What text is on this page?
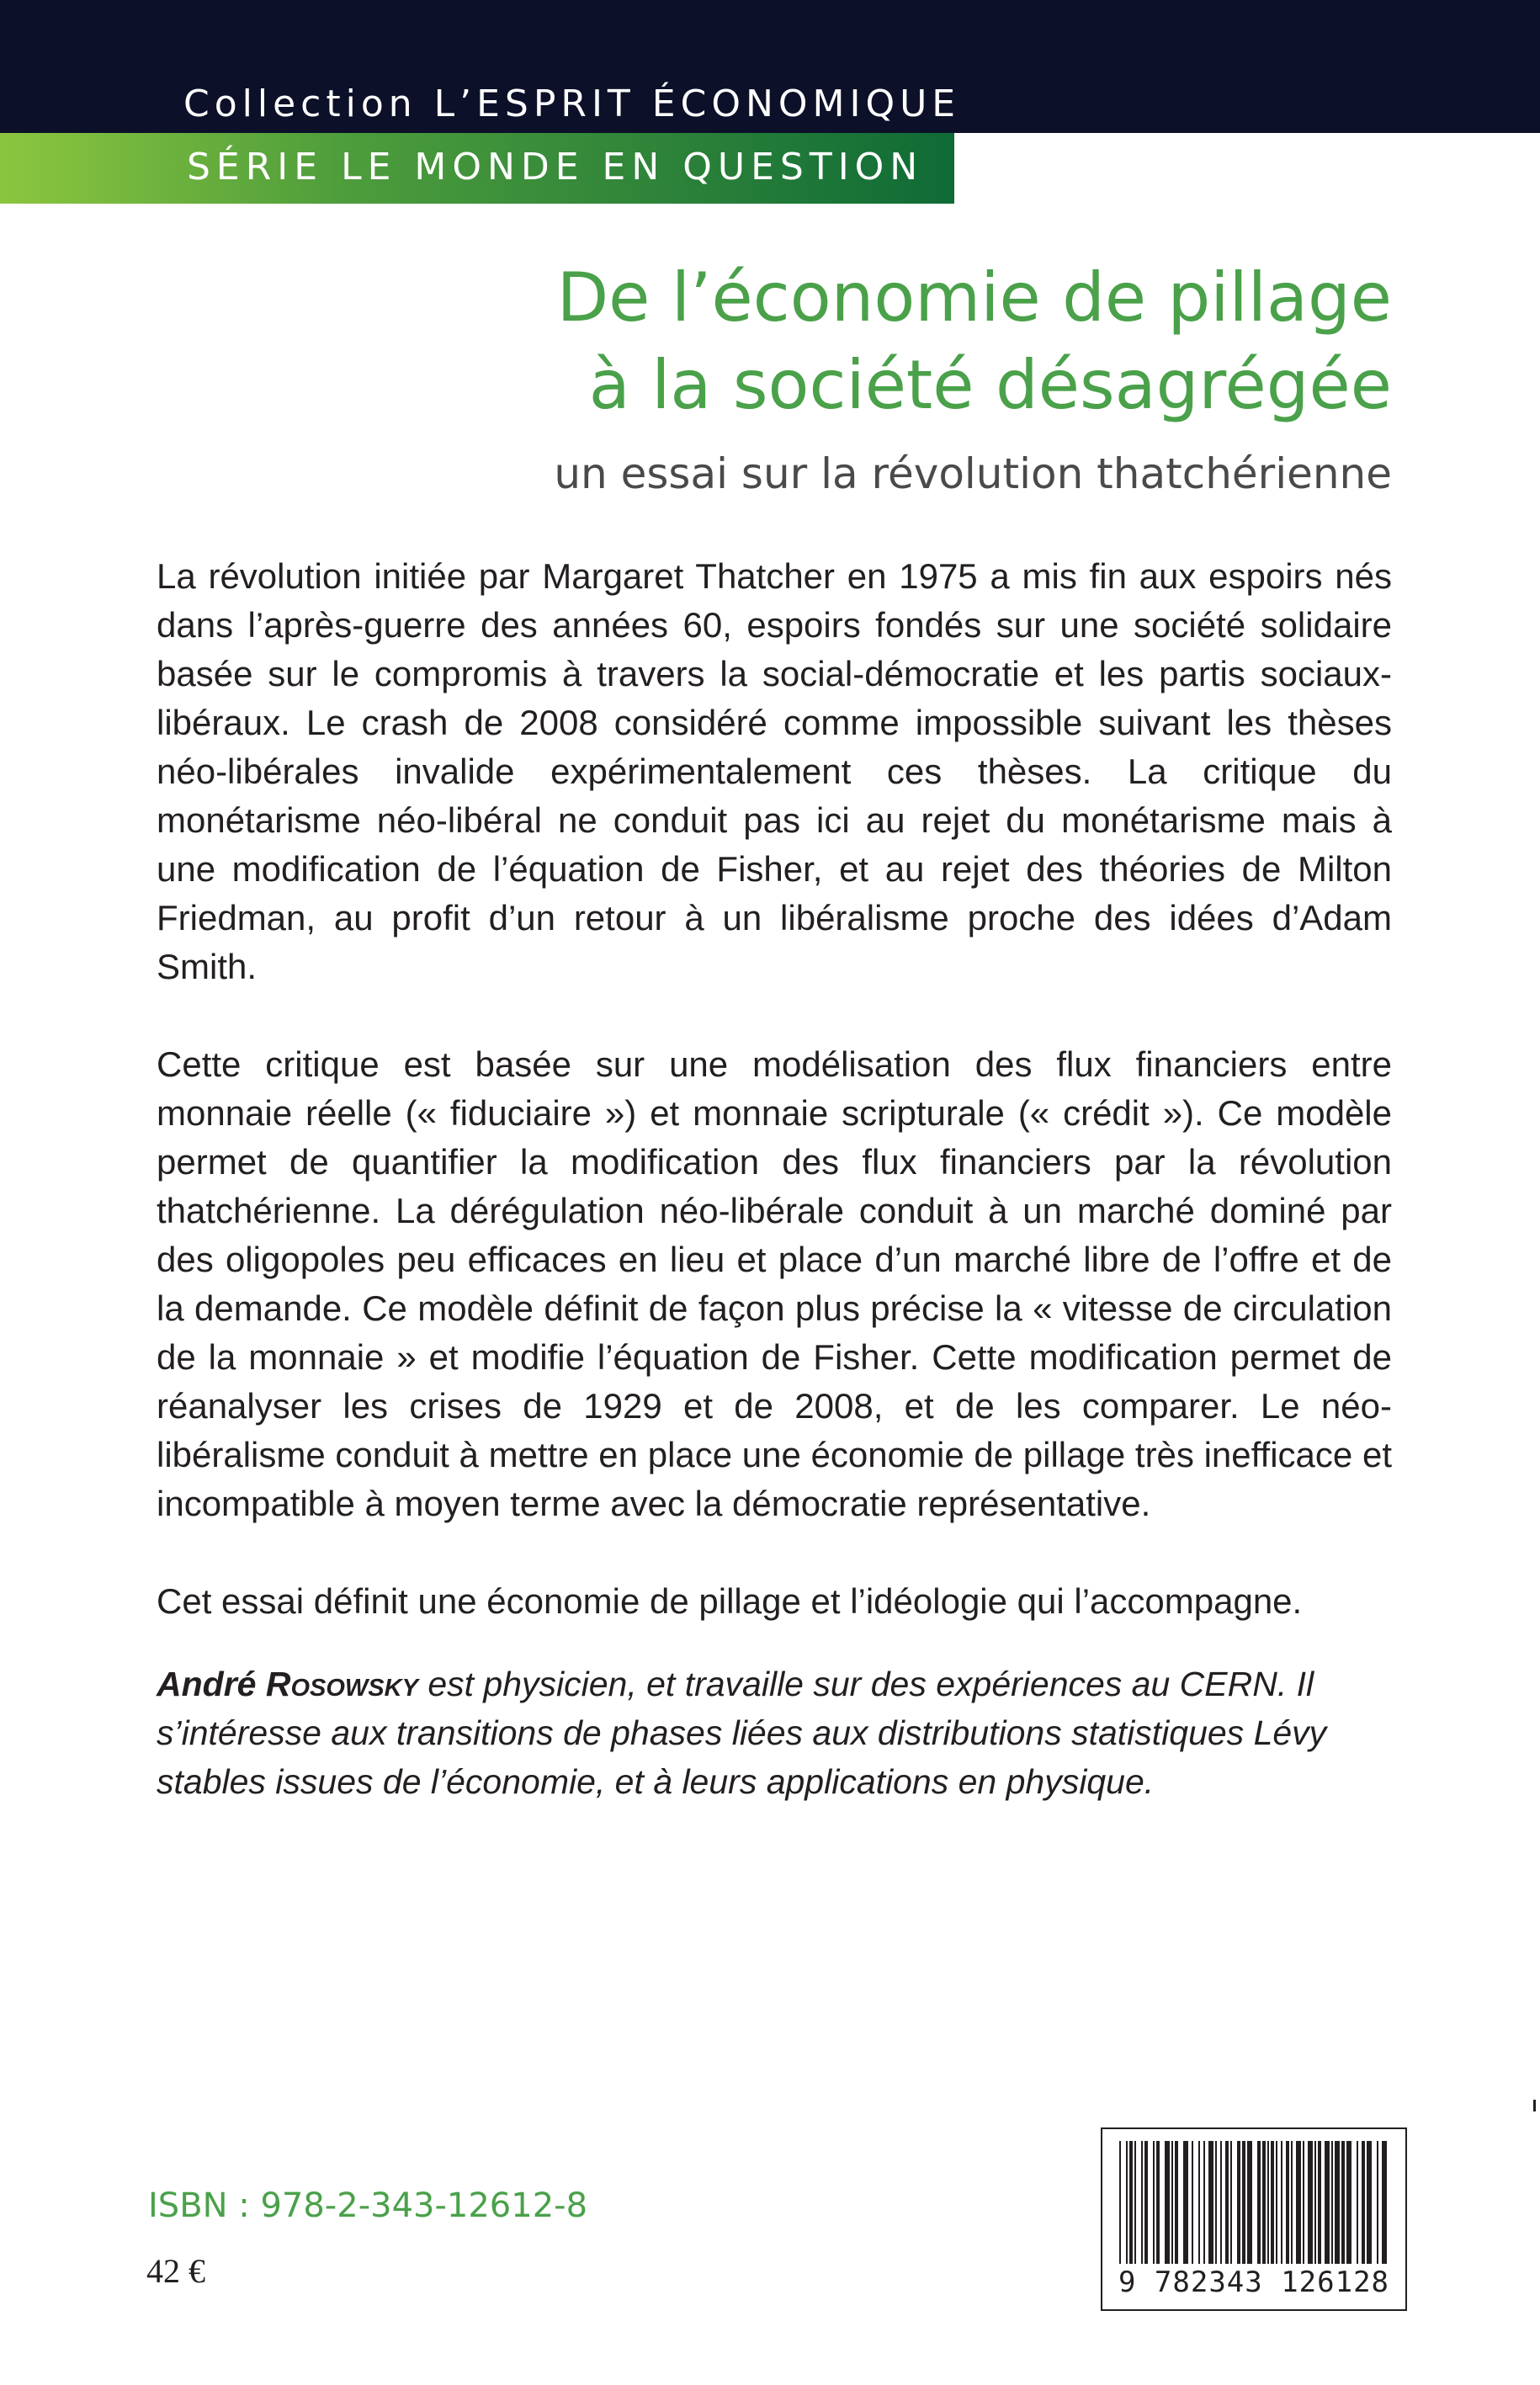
Collection L’ESPRIT ÉCONOMIQUE
SÉRIE LE MONDE EN QUESTION
De l’économie de pillage
à la société désagrégée
un essai sur la révolution thatchérienne

La révolution initiée par Margaret Thatcher en 1975 a mis fin aux espoirs nés dans l’après-guerre des années 60, espoirs fondés sur une société solidaire basée sur le compromis à travers la social-démocratie et les partis sociaux-libéraux. Le crash de 2008 considéré comme impossible suivant les thèses néo-libérales invalide expérimentalement ces thèses. La critique du monétarisme néo-libéral ne conduit pas ici au rejet du monétarisme mais à une modification de l’équation de Fisher, et au rejet des théories de Milton Friedman, au profit d’un retour à un libéralisme proche des idées d’Adam Smith.

Cette critique est basée sur une modélisation des flux financiers entre monnaie réelle (« fiduciaire ») et monnaie scripturale (« crédit »). Ce modèle permet de quantifier la modification des flux financiers par la révolution thatchérienne. La dérégulation néo-libérale conduit à un marché dominé par des oligopoles peu efficaces en lieu et place d’un marché libre de l’offre et de la demande. Ce modèle définit de façon plus précise la « vitesse de circulation de la monnaie » et modifie l’équation de Fisher. Cette modification permet de réanalyser les crises de 1929 et de 2008, et de les comparer. Le néo-libéralisme conduit à mettre en place une économie de pillage très inefficace et incompatible à moyen terme avec la démocratie représentative.

Cet essai définit une économie de pillage et l’idéologie qui l’accompagne.

André Rosowsky est physicien, et travaille sur des expériences au CERN. Il s’intéresse aux transitions de phases liées aux distributions statistiques Lévy stables issues de l’économie, et à leurs applications en physique.

ISBN : 978-2-343-12612-8
42 €	9 782343 126128
